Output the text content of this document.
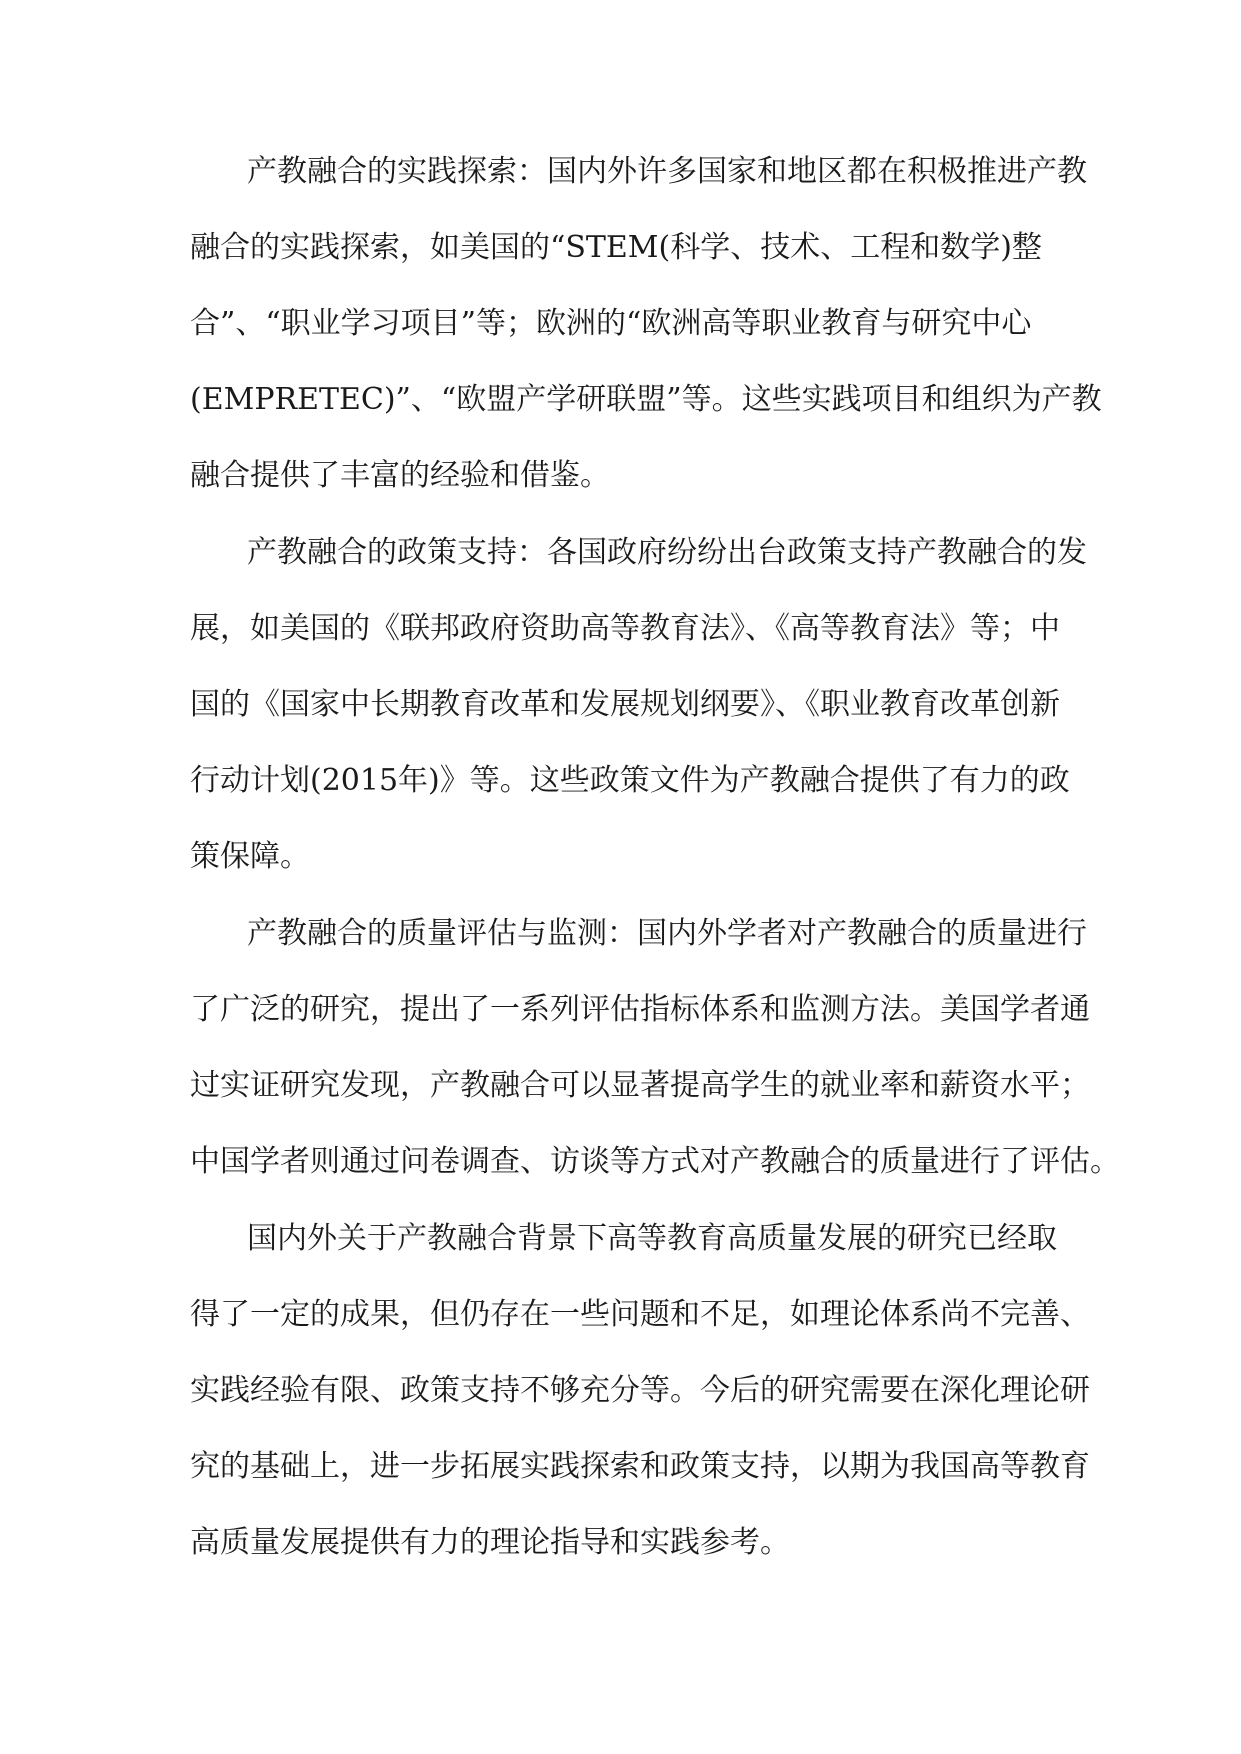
产教融合的实践探索：国内外许多国家和地区都在积极推进产教
融合的实践探索，如美国的“STEM(科学、技术、工程和数学)整
合”、“职业学习项目”等；欧洲的“欧洲高等职业教育与研究中心
(EMPRETEC)”、“欧盟产学研联盟”等。这些实践项目和组织为产教
融合提供了丰富的经验和借鉴。
产教融合的政策支持：各国政府纷纷出台政策支持产教融合的发
展，如美国的《联邦政府资助高等教育法》、《高等教育法》等；中
国的《国家中长期教育改革和发展规划纲要》、《职业教育改革创新
行动计划(2015年)》等。这些政策文件为产教融合提供了有力的政
策保障。
产教融合的质量评估与监测：国内外学者对产教融合的质量进行
了广泛的研究，提出了一系列评估指标体系和监测方法。美国学者通
过实证研究发现，产教融合可以显著提高学生的就业率和薪资水平；
中国学者则通过问卷调查、访谈等方式对产教融合的质量进行了评估。
国内外关于产教融合背景下高等教育高质量发展的研究已经取
得了一定的成果，但仍存在一些问题和不足，如理论体系尚不完善、
实践经验有限、政策支持不够充分等。今后的研究需要在深化理论研
究的基础上，进一步拓展实践探索和政策支持，以期为我国高等教育
高质量发展提供有力的理论指导和实践参考。
